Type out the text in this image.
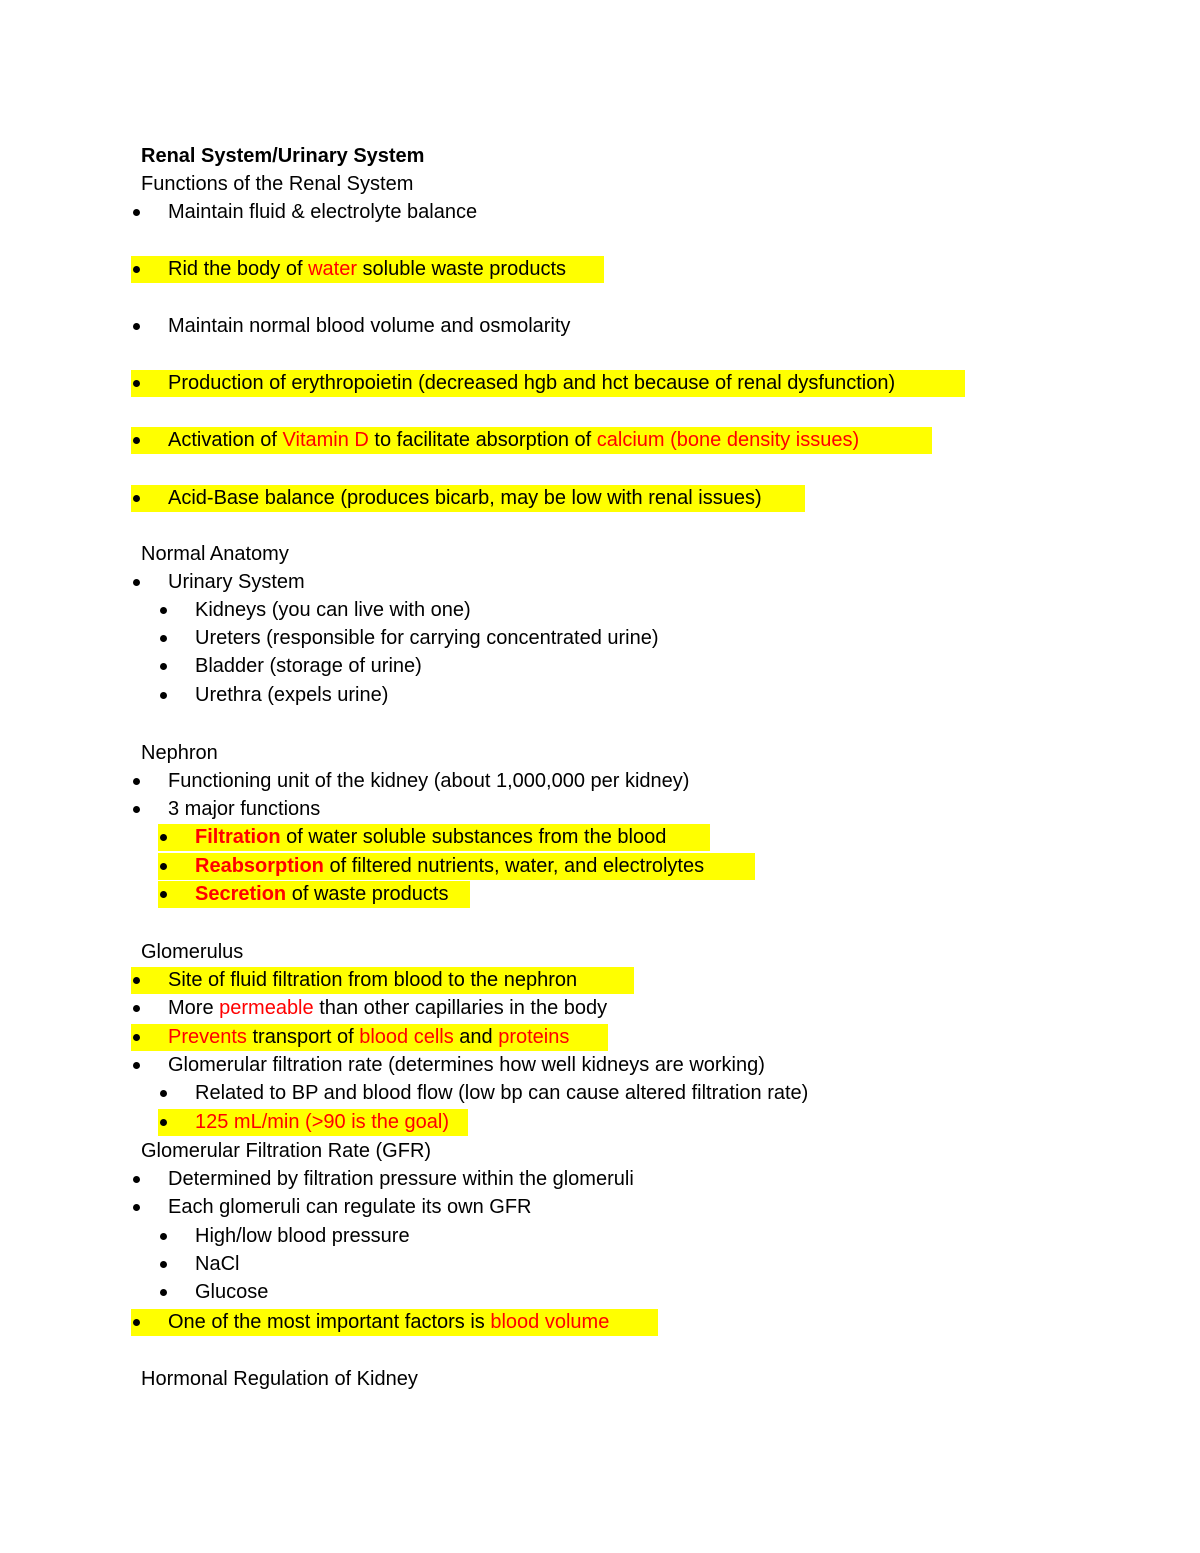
Renal System/Urinary System
Functions of the Renal System
Maintain fluid & electrolyte balance
Rid the body of water soluble waste products
Maintain normal blood volume and osmolarity
Production of erythropoietin (decreased hgb and hct because of renal dysfunction)
Activation of Vitamin D to facilitate absorption of calcium (bone density issues)
Acid-Base balance (produces bicarb, may be low with renal issues)
Normal Anatomy
Urinary System
Kidneys (you can live with one)
Ureters (responsible for carrying concentrated urine)
Bladder (storage of urine)
Urethra (expels urine)
Nephron
Functioning unit of the kidney (about 1,000,000 per kidney)
3 major functions
Filtration of water soluble substances from the blood
Reabsorption of filtered nutrients, water, and electrolytes
Secretion of waste products
Glomerulus
Site of fluid filtration from blood to the nephron
More permeable than other capillaries in the body
Prevents transport of blood cells and proteins
Glomerular filtration rate (determines how well kidneys are working)
Related to BP and blood flow (low bp can cause altered filtration rate)
125 mL/min (>90 is the goal)
Glomerular Filtration Rate (GFR)
Determined by filtration pressure within the glomeruli
Each glomeruli can regulate its own GFR
High/low blood pressure
NaCl
Glucose
One of the most important factors is blood volume
Hormonal Regulation of Kidney
